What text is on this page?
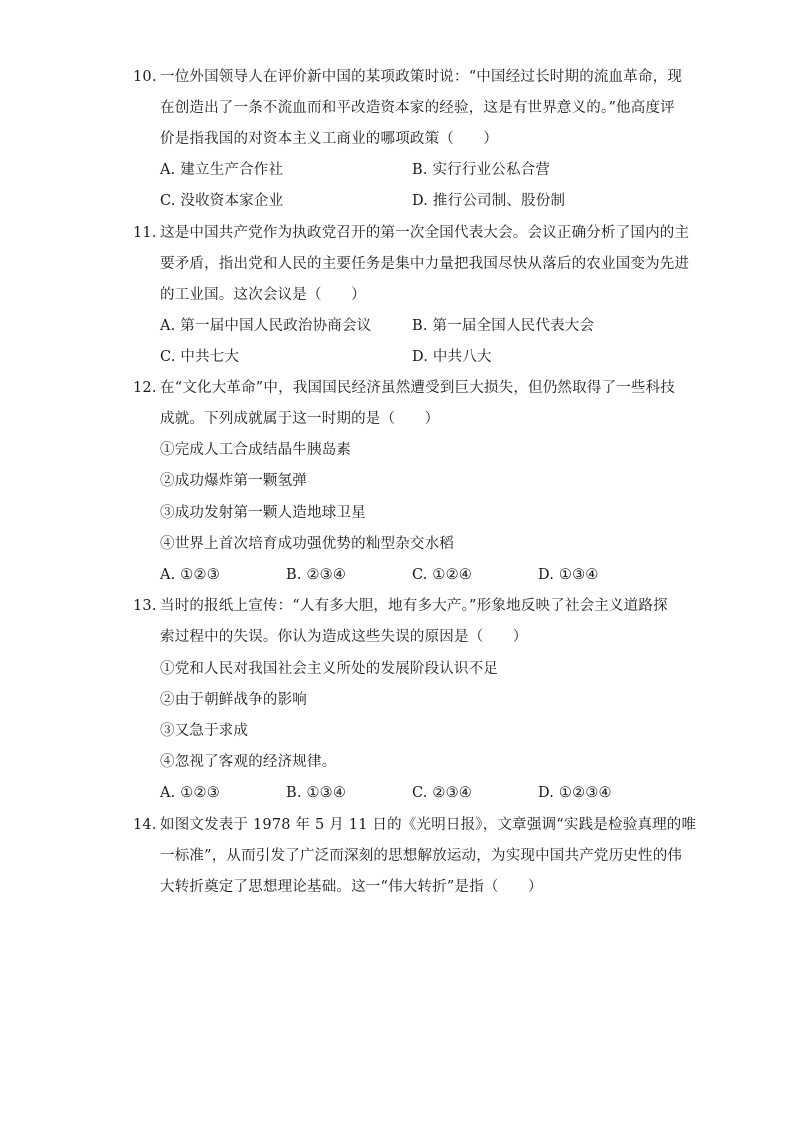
10. 一位外国领导人在评价新中国的某项政策时说：“中国经过长时期的流血革命，现
在创造出了一条不流血而和平改造资本家的经验，这是有世界意义的。”他高度评
价是指我国的对资本主义工商业的哪项政策（　　）
A. 建立生产合作社	B. 实行行业公私合营
C. 没收资本家企业	D. 推行公司制、股份制
11. 这是中国共产党作为执政党召开的第一次全国代表大会。会议正确分析了国内的主
要矛盾，指出党和人民的主要任务是集中力量把我国尽快从落后的农业国变为先进
的工业国。这次会议是（　　）
A. 第一届中国人民政治协商会议	B. 第一届全国人民代表大会
C. 中共七大	D. 中共八大
12. 在“文化大革命”中，我国国民经济虽然遭受到巨大损失，但仍然取得了一些科技
成就。下列成就属于这一时期的是（　　）
①完成人工合成结晶牛胰岛素
②成功爆炸第一颗氢弹
③成功发射第一颗人造地球卫星
④世界上首次培育成功强优势的籼型杂交水稻
A. ①②③	B. ②③④	C. ①②④	D. ①③④
13. 当时的报纸上宣传：“人有多大胆，地有多大产。”形象地反映了社会主义道路探
索过程中的失误。你认为造成这些失误的原因是（　　）
①党和人民对我国社会主义所处的发展阶段认识不足
②由于朝鲜战争的影响
③又急于求成
④忽视了客观的经济规律。
A. ①②③	B. ①③④	C. ②③④	D. ①②③④
14. 如图文发表于 1978 年 5 月 11 日的《光明日报》，文章强调“实践是检验真理的唯
一标准”，从而引发了广泛而深刻的思想解放运动，为实现中国共产党历史性的伟
大转折奠定了思想理论基础。这一“伟大转折”是指（　　）
